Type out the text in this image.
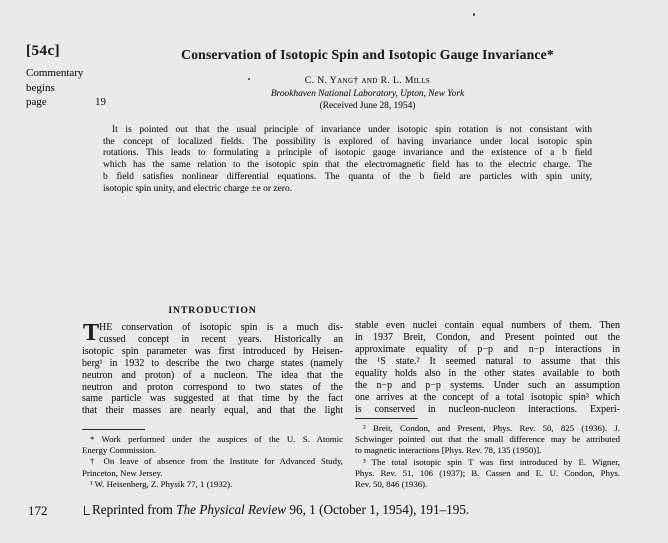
[54c]
Commentary
begins
page 19
Conservation of Isotopic Spin and Isotopic Gauge Invariance*
C. N. Yang† and R. L. Mills
Brookhaven National Laboratory, Upton, New York
(Received June 28, 1954)
It is pointed out that the usual principle of invariance under isotopic spin rotation is not consistant with
the concept of localized fields. The possibility is explored of having invariance under local isotopic spin
rotations. This leads to formulating a principle of isotopic gauge invariance and the existence of a b field
which has the same relation to the isotopic spin that the electromagnetic field has to the electric charge. The
b field satisfies nonlinear differential equations. The quanta of the b field are particles with spin unity,
isotopic spin unity, and electric charge ±e or zero.
INTRODUCTION
T HE conservation of isotopic spin is a much dis-
cussed concept in recent years. Historically an
isotopic spin parameter was first introduced by Heisen-
berg¹ in 1932 to describe the two charge states (namely
neutron and proton) of a nucleon. The idea that the
neutron and proton correspond to two states of the
same particle was suggested at that time by the fact
that their masses are nearly equal, and that the light
stable even nuclei contain equal numbers of them. Then
in 1937 Breit, Condon, and Present pointed out the
approximate equality of p−p and n−p interactions in
the ¹S state.² It seemed natural to assume that this
equality holds also in the other states available to both
the n−p and p−p systems. Under such an assumption
one arrives at the concept of a total isotopic spin³ which
is conserved in nucleon-nucleon interactions. Experi-
* Work performed under the auspices of the U. S. Atomic
Energy Commission.
† On leave of absence from the Institute for Advanced Study,
Princeton, New Jersey.
¹ W. Heisenberg, Z. Physik 77, 1 (1932).
² Breit, Condon, and Present, Phys. Rev. 50, 825 (1936). J.
Schwinger pointed out that the small difference may be attributed
to magnetic interactions [Phys. Rev. 78, 135 (1950)].
³ The total isotopic spin T was first introduced by E. Wigner,
Phys. Rev. 51, 106 (1937); B. Cassen and E. U. Condon, Phys.
Rev. 50, 846 (1936).
172	Reprinted from The Physical Review 96, 1 (October 1, 1954), 191–195.
